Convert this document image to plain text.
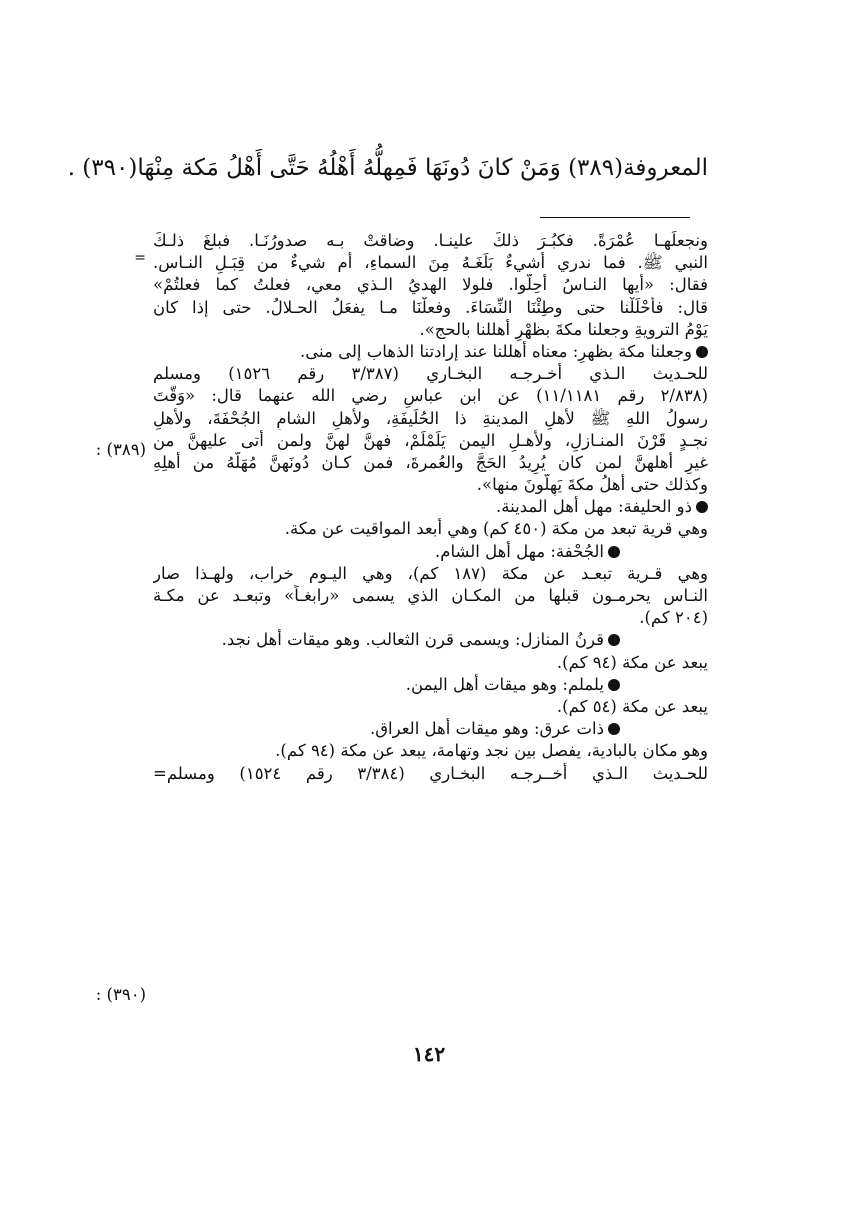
المعروفة(٣٨٩) وَمَنْ كانَ دُونَهَا فَمِهلُّهُ أَهْلُهُ حَتَّى أَهْلُ مَكة مِنْهَا(٣٩٠) .
=
(٣٨٩) :
(٣٩٠) :
ونجعلَهـا عُمْرَةً. فكبُـرَ ذلكَ علينـا. وضاقتْ بـه صدورُنَـا. فبلغَ ذلـكَ
النبي ﷺ. فما ندري أشيءٌ بَلَغَـهُ مِنَ السماءِ، أم شيءٌ من قِبَـلِ النـاس.
فقال: «أيها النـاسُ أحِلُّوا. فلولا الهديُ الـذي معي، فعلتُ كما فعلتُمْ»
قال: فأحْلَلْنا حتى وطِئْنَا النِّسَاءَ. وفعلْنَا مـا يفعَلُ الحـلالُ. حتى إذا كان
يَوْمُ الترويةِ وجعلنا مكةَ بظهْرٍ أهللنا بالحج».
وجعلنا مكة بظهرٍ: معناه أهللنا عند إرادتنا الذهاب إلى منى.
للحـديث الـذي أخـرجـه البخـاري (٣/٣٨٧ رقم ١٥٢٦) ومسلم
(٢/٨٣٨ رقم ١١/١١٨١) عن ابن عباسٍ رضي الله عنهما قال: «وَقَّتَ
رسولُ اللهِ ﷺ لأهلِ المدينةِ ذا الحُلَيفَةِ، ولأهلِ الشامِ الجُحْفَةَ، ولأهلِ
نجـدٍ قَرْنَ المنـازلِ، ولأهـلِ اليمن يَلَمْلَمْ، فهنَّ لهنَّ ولمن أتى عليهنَّ من
غيرِ أهلهنَّ لمن كان يُرِيدُ الحَجَّ والعُمرةَ، فمن كـان دُونَهنَّ مُهَلُّهُ من أهلِهِ
وكذلك حتى أهلُ مكةَ يَهِلُّونَ منها».
ذو الحليفة: مهل أهل المدينة.
وهي قرية تبعد من مكة (٤٥٠ كم) وهي أبعد المواقيت عن مكة.
الجُحْفة: مهل أهل الشام.
وهي قـرية تبعـد عن مكة (١٨٧ كم)، وهي اليـوم خراب، ولهـذا صار
النـاس يحرمـون قبلها من المكـان الذي يسمى «رابغـاً» وتبعـد عن مكـة
(٢٠٤ كم).
قرنُ المنازل: ويسمى قرن الثعالب. وهو ميقات أهل نجد.
يبعد عن مكة (٩٤ كم).
يلملم: وهو ميقات أهل اليمن.
يبعد عن مكة (٥٤ كم).
ذات عرق: وهو ميقات أهل العراق.
وهو مكان بالبادية، يفصل بين نجد وتهامة، يبعد عن مكة (٩٤ كم).
للحـديث الـذي أخــرجـه البخـاري (٣/٣٨٤ رقم ١٥٢٤) ومسلم=
١٤٢
